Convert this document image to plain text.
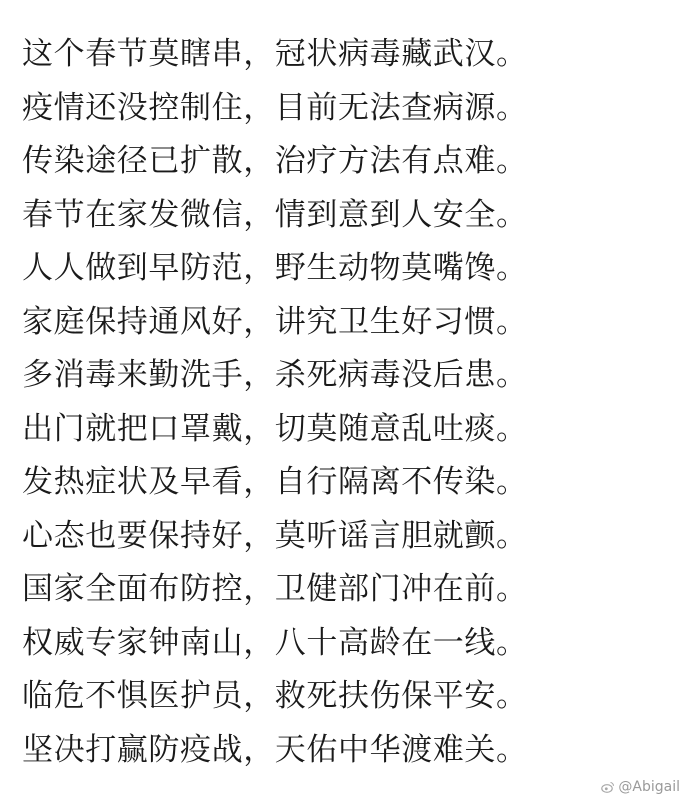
这个春节莫瞎串，冠状病毒藏武汉。
疫情还没控制住，目前无法查病源。
传染途径已扩散，治疗方法有点难。
春节在家发微信，情到意到人安全。
人人做到早防范，野生动物莫嘴馋。
家庭保持通风好，讲究卫生好习惯。
多消毒来勤洗手，杀死病毒没后患。
出门就把口罩戴，切莫随意乱吐痰。
发热症状及早看，自行隔离不传染。
心态也要保持好，莫听谣言胆就颤。
国家全面布防控，卫健部门冲在前。
权威专家钟南山，八十高龄在一线。
临危不惧医护员，救死扶伤保平安。
坚决打赢防疫战，天佑中华渡难关。
@Abigail
